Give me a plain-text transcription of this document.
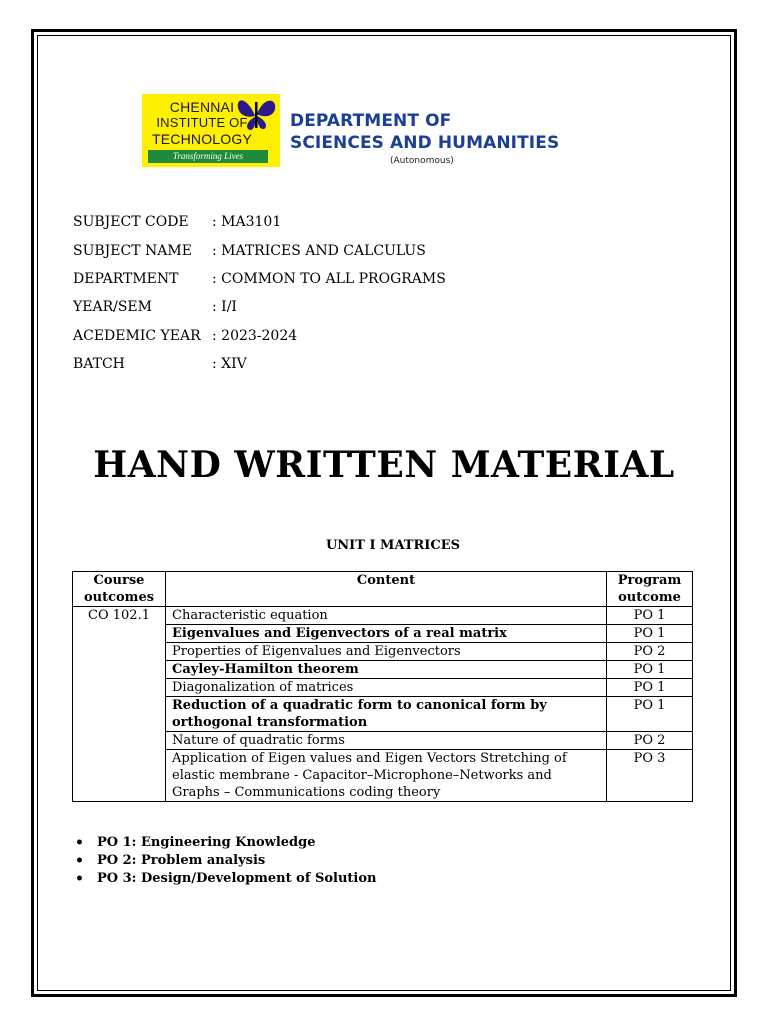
CHENNAI
INSTITUTE OF
TECHNOLOGY
Transforming Lives
DEPARTMENT OF
SCIENCES AND HUMANITIES
(Autonomous)
SUBJECT CODE : MA3101
SUBJECT NAME : MATRICES AND CALCULUS
DEPARTMENT : COMMON TO ALL PROGRAMS
YEAR/SEM	: I/I
ACEDEMIC YEAR : 2023-2024
BATCH	: XIV
HAND WRITTEN MATERIAL
UNIT I MATRICES
Course outcomes	Content	Program outcome
CO 102.1	Characteristic equation	PO 1
	Eigenvalues and Eigenvectors of a real matrix	PO 1
	Properties of Eigenvalues and Eigenvectors	PO 2
	Cayley-Hamilton theorem	PO 1
	Diagonalization of matrices	PO 1
	Reduction of a quadratic form to canonical form by orthogonal transformation	PO 1
	Nature of quadratic forms	PO 2
	Application of Eigen values and Eigen Vectors Stretching of elastic membrane - Capacitor–Microphone–Networks and Graphs – Communications coding theory	PO 3
• PO 1: Engineering Knowledge
• PO 2: Problem analysis
• PO 3: Design/Development of Solution
